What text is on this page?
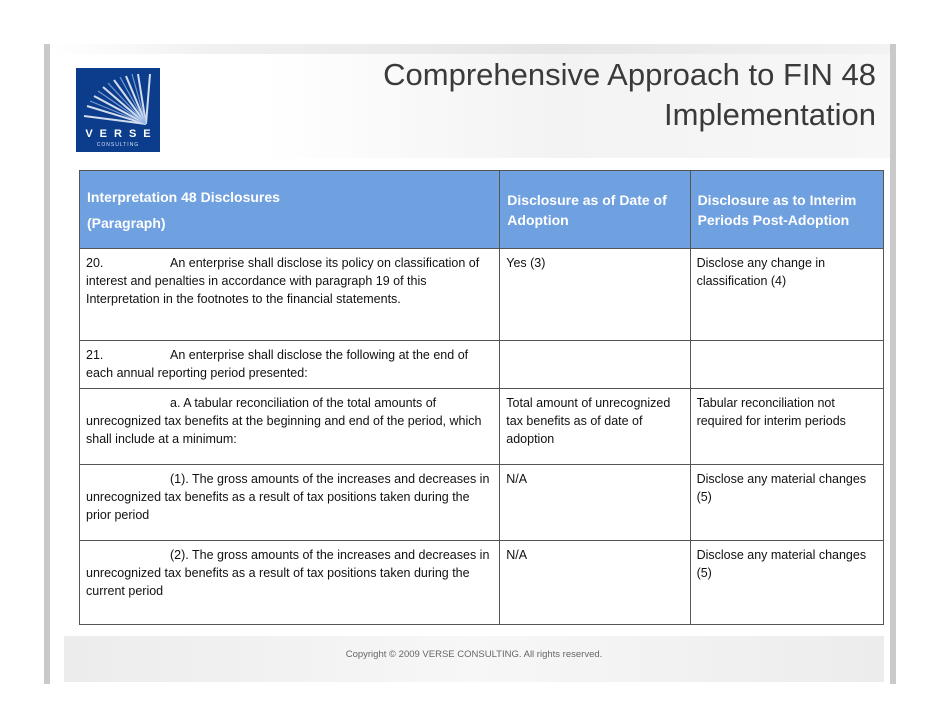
VERSE
CONSULTING
Comprehensive Approach to FIN 48
Implementation
Interpretation 48 Disclosures
(Paragraph)	Disclosure as of Date of Adoption	Disclosure as to Interim Periods Post-Adoption
20. An enterprise shall disclose its policy on classification of interest and penalties in accordance with paragraph 19 of this Interpretation in the footnotes to the financial statements.	Yes (3)	Disclose any change in classification (4)
21. An enterprise shall disclose the following at the end of each annual reporting period presented:		
a. A tabular reconciliation of the total amounts of unrecognized tax benefits at the beginning and end of the period, which shall include at a minimum:	Total amount of unrecognized tax benefits as of date of adoption	Tabular reconciliation not required for interim periods
(1). The gross amounts of the increases and decreases in unrecognized tax benefits as a result of tax positions taken during the prior period	N/A	Disclose any material changes (5)
(2). The gross amounts of the increases and decreases in unrecognized tax benefits as a result of tax positions taken during the current period	N/A	Disclose any material changes (5)
Copyright © 2009 VERSE CONSULTING. All rights reserved.
